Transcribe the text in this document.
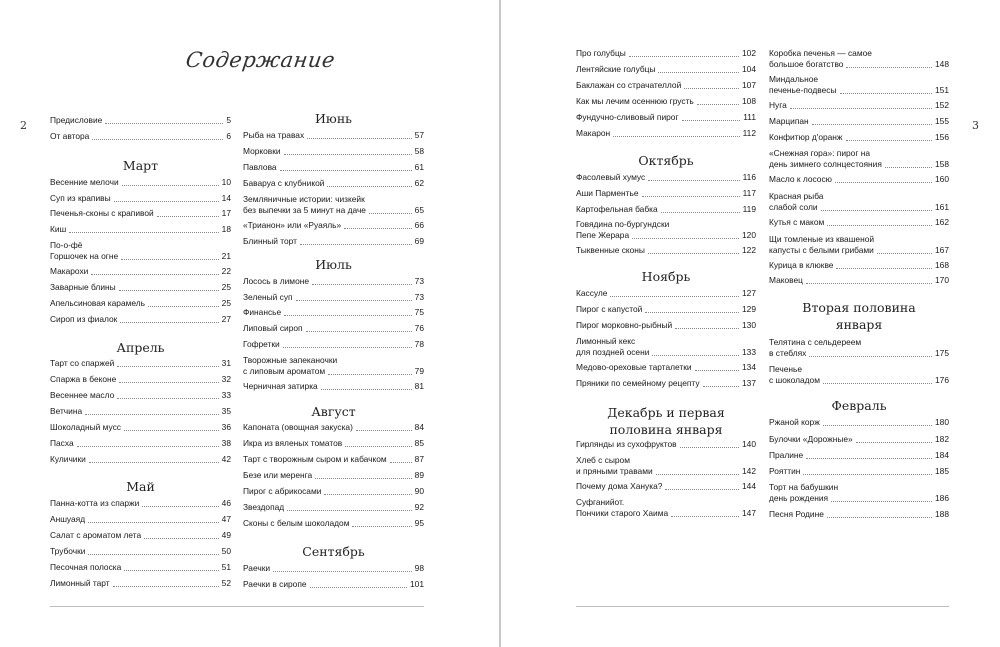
2
Содержание
Предисловие	5
От автора	6
Март
Весенние мелочи	10
Суп из крапивы	14
Печенья-сконы с крапивой	17
Киш	18
По-о-фё
Горшочек на огне	21
Макарохи	22
Заварные блины	25
Апельсиновая карамель	25
Сироп из фиалок	27
Апрель
Тарт со спаржей	31
Спаржа в беконе	32
Весеннее масло	33
Ветчина	35
Шоколадный мусс	36
Пасха	38
Куличики	42
Май
Панна-котта из спаржи	46
Аншуаяд	47
Салат с ароматом лета	49
Трубочки	50
Песочная полоска	51
Лимонный тарт	52
Июнь
Рыба на травах	57
Морковки	58
Павлова	61
Баваруа с клубникой	62
Земляничные истории: чизкейк
без выпечки за 5 минут на даче	65
«Трианон» или «Руаяль»	66
Блинный торт	69
Июль
Лосось в лимоне	73
Зеленый суп	73
Финансье	75
Липовый сироп	76
Гофретки	78
Творожные запеканочки
с липовым ароматом	79
Черничная затирка	81
Август
Капоната (овощная закуска)	84
Икра из вяленых томатов	85
Тарт с творожным сыром и кабачком	87
Безе или меренга	89
Пирог с абрикосами	90
Звездопад	92
Сконы с белым шоколадом	95
Сентябрь
Раечки	98
Раечки в сиропе	101
3
Про голубцы	102
Лентяйские голубцы	104
Баклажан со страчателлой	107
Как мы лечим осеннюю грусть	108
Фундучно-сливовый пирог	111
Макарон	112
Октябрь
Фасолевый хумус	116
Аши Парментье	117
Картофельная бабка	119
Говядина по-бургундски
Пепе Жерара	120
Тыквенные сконы	122
Ноябрь
Кассуле	127
Пирог с капустой	129
Пирог морковно-рыбный	130
Лимонный кекс
для поздней осени	133
Медово-ореховые тарталетки	134
Пряники по семейному рецепту	137
Декабрь и первая
половина января
Гирлянды из сухофруктов	140
Хлеб с сыром
и пряными травами	142
Почему дома Ханука?	144
Суфганийот.
Пончики старого Хаима	147
Коробка печенья — самое
большое богатство	148
Миндальное
печенье-подвесы	151
Нуга	152
Марципан	155
Конфитюр д'оранж	156
«Снежная гора»: пирог на
день зимнего солнцестояния	158
Масло к лососю	160
Красная рыба
слабой соли	161
Кутья с маком	162
Щи томленые из квашеной
капусты с белыми грибами	167
Курица в клюкве	168
Маковец	170
Вторая половина
января
Телятина с сельдереем
в стеблях	175
Печенье
с шоколадом	176
Февраль
Ржаной корж	180
Булочки «Дорожные»	182
Пралине	184
Рояттин	185
Торт на бабушкин
день рождения	186
Песня Родине	188
